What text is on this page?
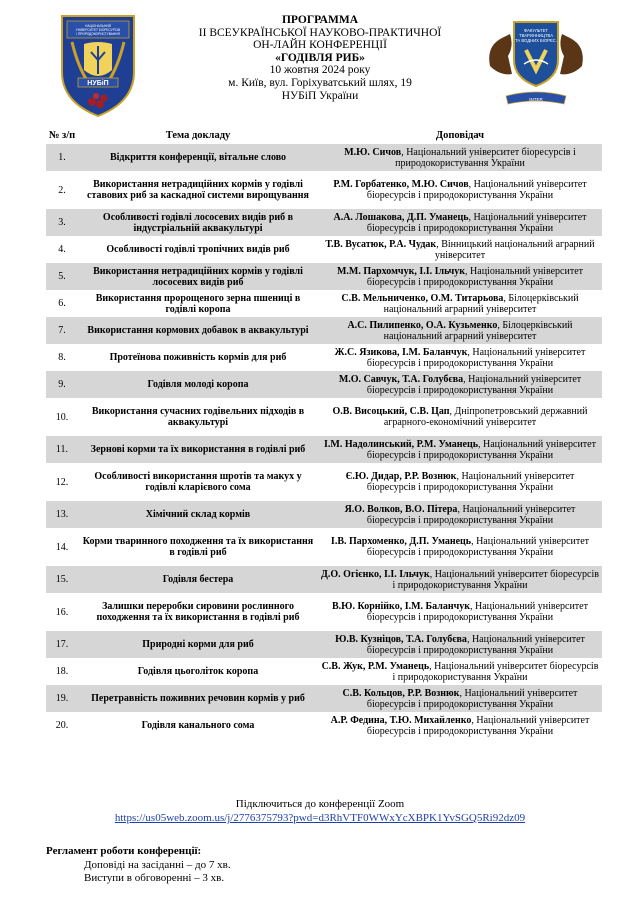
НАЦІОНАЛЬНИЙ
УНІВЕРСИТЕТ БІОРЕСУРСІВ
І ПРИРОДОКОРИСТУВАННЯ
НУБіП
ФАКУЛЬТЕТ
ТВАРИННИЦТВА
ТА ВОДНИХ БІОРЕС.
INTER
ПРОГРАММА
ІІ ВСЕУКРАЇНСЬКОЇ НАУКОВО-ПРАКТИЧНОЇ
ОН-ЛАЙН КОНФЕРЕНЦІЇ
«ГОДІВЛЯ РИБ»
10 жовтня 2024 року
м. Київ, вул. Горіхуватський шлях, 19
НУБіП України
№ з/п	Тема докладу	Доповідач
1.	Відкриття конференції, вітальне слово	М.Ю. Сичов, Національний університет біоресурсів і природокористування України
2.	Використання нетрадиційних кормів у годівлі ставових риб за каскадної системи вирощування	Р.М. Горбатенко, М.Ю. Сичов, Національний університет біоресурсів і природокористування України
3.	Особливості годівлі лососевих видів риб в індустріальній аквакультурі	А.А. Лошакова, Д.П. Уманець, Національний університет біоресурсів і природокористування України
4.	Особливості годівлі тропічних видів риб	Т.В. Вусатюк, Р.А. Чудак, Вінницький національний аграрний університет
5.	Використання нетрадиційних кормів у годівлі лососевих видів риб	М.М. Пархомчук, І.І. Ільчук, Національний університет біоресурсів і природокористування України
6.	Використання пророщеного зерна пшениці в годівлі коропа	С.В. Мельниченко, О.М. Титарьова, Білоцерківський національний аграрний університет
7.	Використання кормових добавок в аквакультурі	А.С. Пилипенко, О.А. Кузьменко, Білоцерківський національний аграрний університет
8.	Протеїнова поживність кормів для риб	Ж.С. Язикова, І.М. Баланчук, Національний університет біоресурсів і природокористування України
9.	Годівля молоді коропа	М.О. Савчук, Т.А. Голубєва, Національний університет біоресурсів і природокористування України
10.	Використання сучасних годівельних підходів в аквакультурі	О.В. Висоцький, С.В. Цап, Дніпропетровський державний аграрного-економічний університет
11.	Зернові корми та їх використання в годівлі риб	І.М. Надолинський, Р.М. Уманець, Національний університет біоресурсів і природокористування України
12.	Особливості використання шротів та макух у годівлі кларієвого сома	Є.Ю. Дидар, Р.Р. Вознюк, Національний університет біоресурсів і природокористування України
13.	Хімічний склад кормів	Я.О. Волков, В.О. Пітера, Національний університет біоресурсів і природокористування України
14.	Корми тваринного походження та їх використання в годівлі риб	І.В. Пархоменко, Д.П. Уманець, Національний університет біоресурсів і природокористування України
15.	Годівля бестера	Д.О. Огієнко, І.І. Ільчук, Національний університет біоресурсів і природокористування України
16.	Залишки переробки сировини рослинного походження та їх використання в годівлі риб	В.Ю. Корнійко, І.М. Баланчук, Національний університет біоресурсів і природокористування України
17.	Природні корми для риб	Ю.В. Кузніцов, Т.А. Голубєва, Національний університет біоресурсів і природокористування України
18.	Годівля цьоголіток коропа	С.В. Жук, Р.М. Уманець, Національний університет біоресурсів і природокористування України
19.	Перетравність поживних речовин кормів у риб	С.В. Кольцов, Р.Р. Вознюк, Національний університет біоресурсів і природокористування України
20.	Годівля канального сома	А.Р. Федина, Т.Ю. Михайленко, Національний університет біоресурсів і природокористування України
Підключиться до конференції Zoom
https://us05web.zoom.us/j/2776375793?pwd=d3RhVTF0WWxYcXBPK1YvSGQ5Ri92dz09
Регламент роботи конференції:
Доповіді на засіданні – до 7 хв.
Виступи в обговоренні – 3 хв.
